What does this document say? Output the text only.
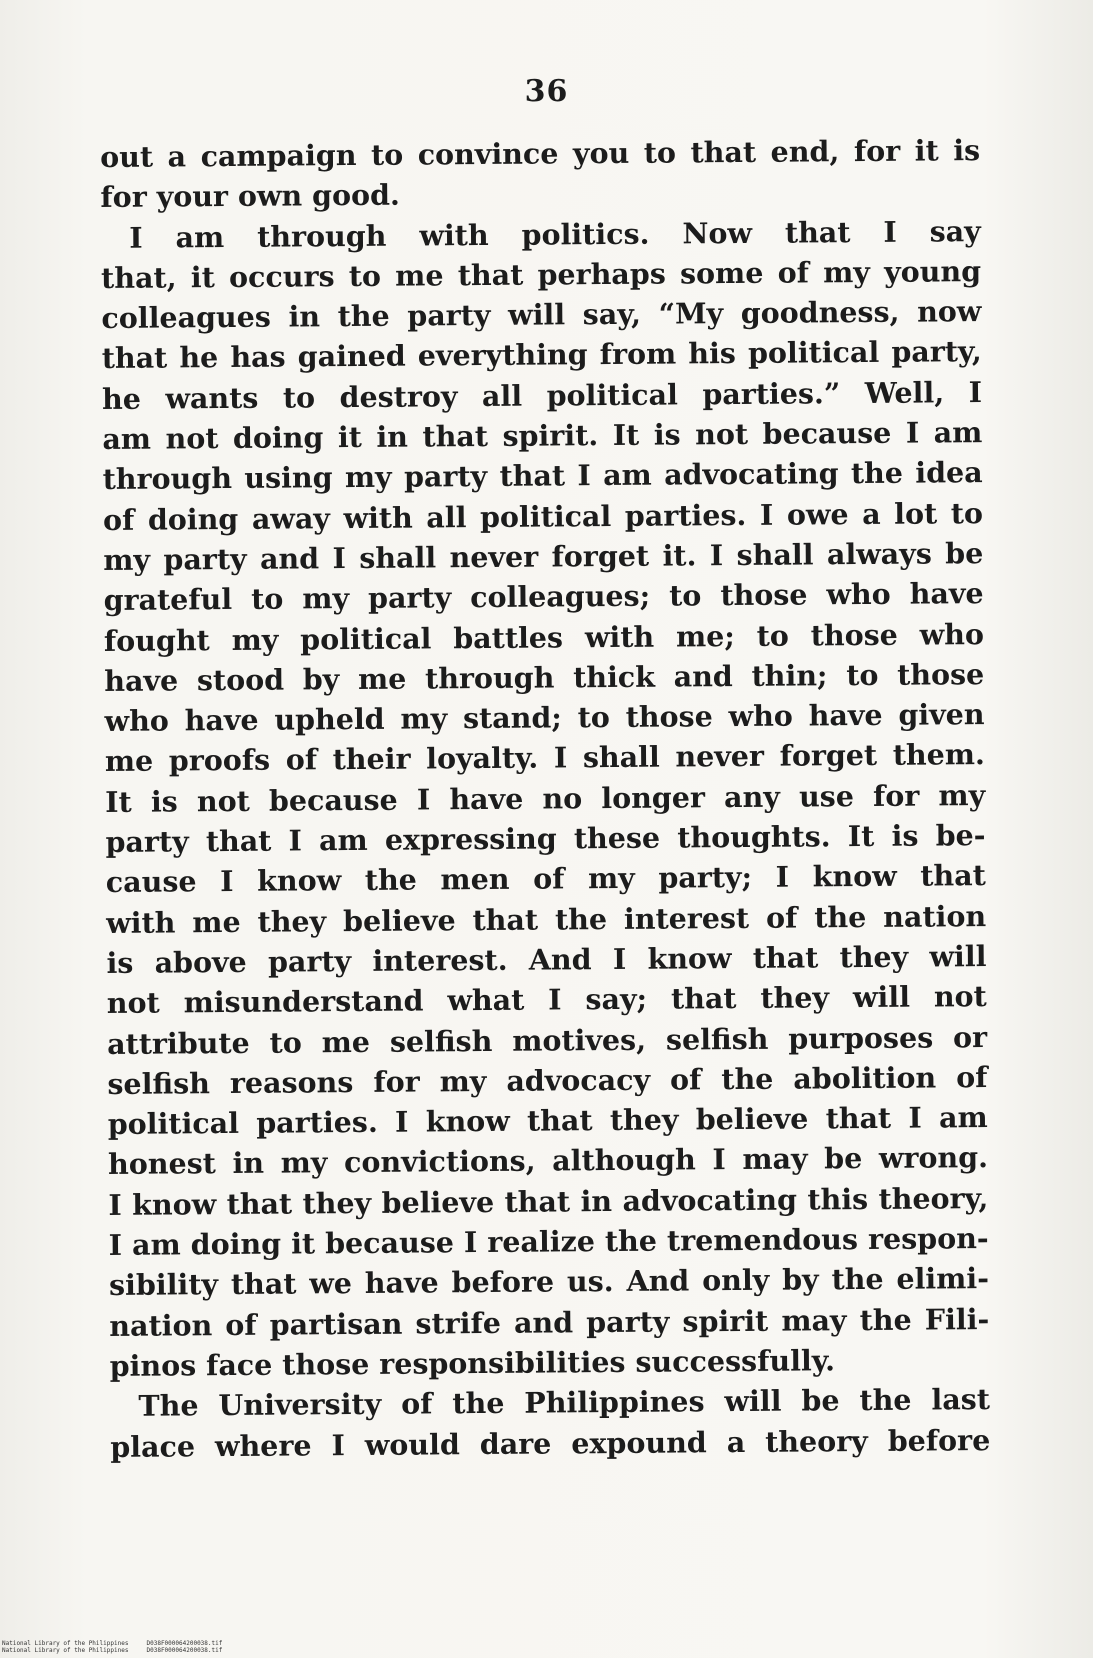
36
out a campaign to convince you to that end, for it is
for your own good.
 I am through with politics. Now that I say
that, it occurs to me that perhaps some of my young
colleagues in the party will say, “My goodness, now
that he has gained everything from his political party,
he wants to destroy all political parties.” Well, I
am not doing it in that spirit. It is not because I am
through using my party that I am advocating the idea
of doing away with all political parties. I owe a lot to
my party and I shall never forget it. I shall always be
grateful to my party colleagues; to those who have
fought my political battles with me; to those who
have stood by me through thick and thin; to those
who have upheld my stand; to those who have given
me proofs of their loyalty. I shall never forget them.
It is not because I have no longer any use for my
party that I am expressing these thoughts. It is be-
cause I know the men of my party; I know that
with me they believe that the interest of the nation
is above party interest. And I know that they will
not misunderstand what I say; that they will not
attribute to me selfish motives, selfish purposes or
selfish reasons for my advocacy of the abolition of
political parties. I know that they believe that I am
honest in my convictions, although I may be wrong.
I know that they believe that in advocating this theory,
I am doing it because I realize the tremendous respon-
sibility that we have before us. And only by the elimi-
nation of partisan strife and party spirit may the Fili-
pinos face those responsibilities successfully.
 The University of the Philippines will be the last
place where I would dare expound a theory before
National Library of the Philippines     D038F000064200038.tif
National Library of the Philippines     D038F000064200038.tif
